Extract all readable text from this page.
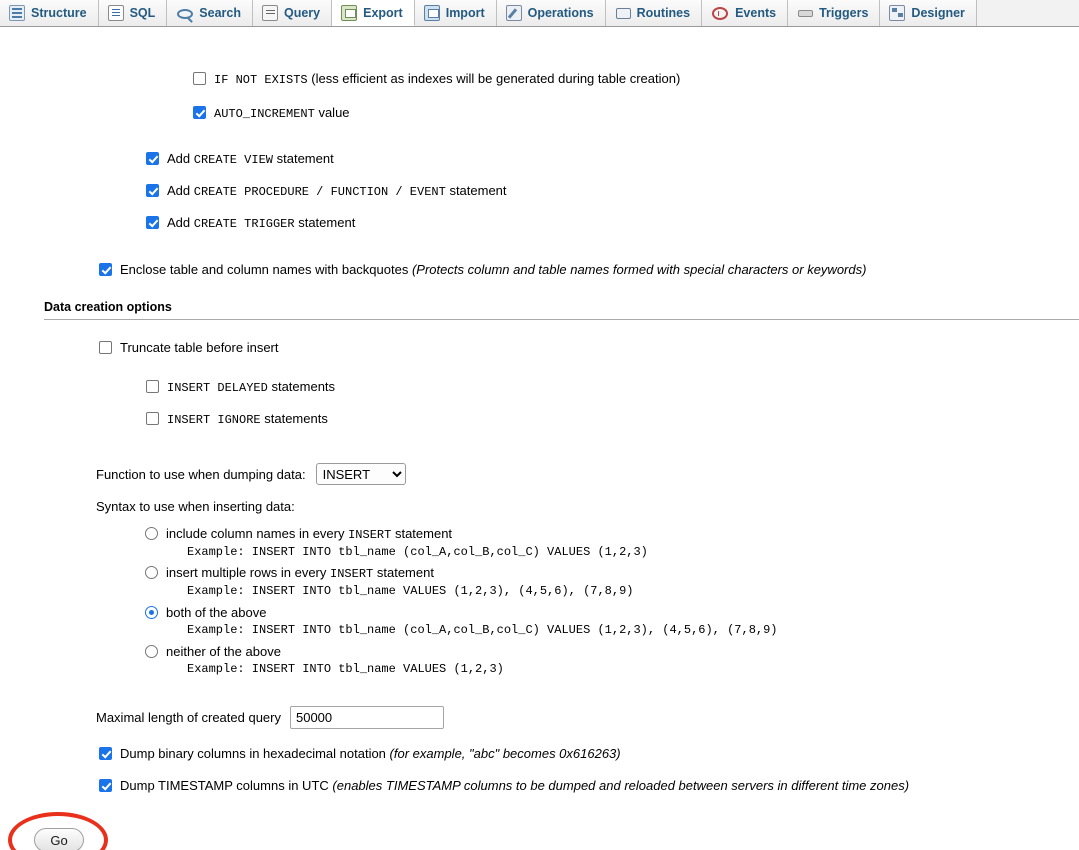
Structure	SQL	Search	Query	Export	Import	Operations	Routines	Events	Triggers	Designer
IF NOT EXISTS (less efficient as indexes will be generated during table creation)
AUTO_INCREMENT value
Add CREATE VIEW statement
Add CREATE PROCEDURE / FUNCTION / EVENT statement
Add CREATE TRIGGER statement
Enclose table and column names with backquotes (Protects column and table names formed with special characters or keywords)
Data creation options
Truncate table before insert
INSERT DELAYED statements
INSERT IGNORE statements
Function to use when dumping data:
INSERT
Syntax to use when inserting data:
include column names in every INSERT statement
Example: INSERT INTO tbl_name (col_A,col_B,col_C) VALUES (1,2,3)
insert multiple rows in every INSERT statement
Example: INSERT INTO tbl_name VALUES (1,2,3), (4,5,6), (7,8,9)
both of the above
Example: INSERT INTO tbl_name (col_A,col_B,col_C) VALUES (1,2,3), (4,5,6), (7,8,9)
neither of the above
Example: INSERT INTO tbl_name VALUES (1,2,3)
Maximal length of created query
50000
Dump binary columns in hexadecimal notation (for example, "abc" becomes 0x616263)
Dump TIMESTAMP columns in UTC (enables TIMESTAMP columns to be dumped and reloaded between servers in different time zones)
Go
